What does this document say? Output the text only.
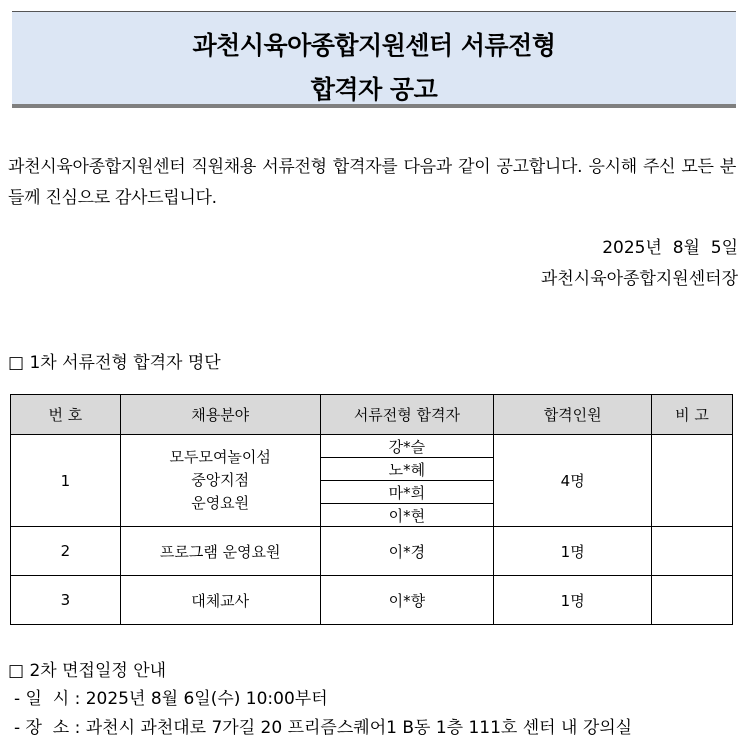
과천시육아종합지원센터 서류전형
합격자 공고
과천시육아종합지원센터 직원채용 서류전형 합격자를 다음과 같이 공고합니다. 응시해 주신 모든 분들께 진심으로 감사드립니다.
2025년  8월  5일
과천시육아종합지원센터장
□ 1차 서류전형 합격자 명단
번 호	채용분야	서류전형 합격자	합격인원	비 고
1	모두모여놀이섬
중앙지점
운영요원	강*슬	4명	
		노*혜		
		마*희		
		이*현		
2	프로그램 운영요원	이*경	1명	
3	대체교사	이*향	1명	
□ 2차 면접일정 안내
- 일  시 : 2025년 8월 6일(수) 10:00부터
- 장  소 : 과천시 과천대로 7가길 20 프리즘스퀘어1 B동 1층 111호 센터 내 강의실
